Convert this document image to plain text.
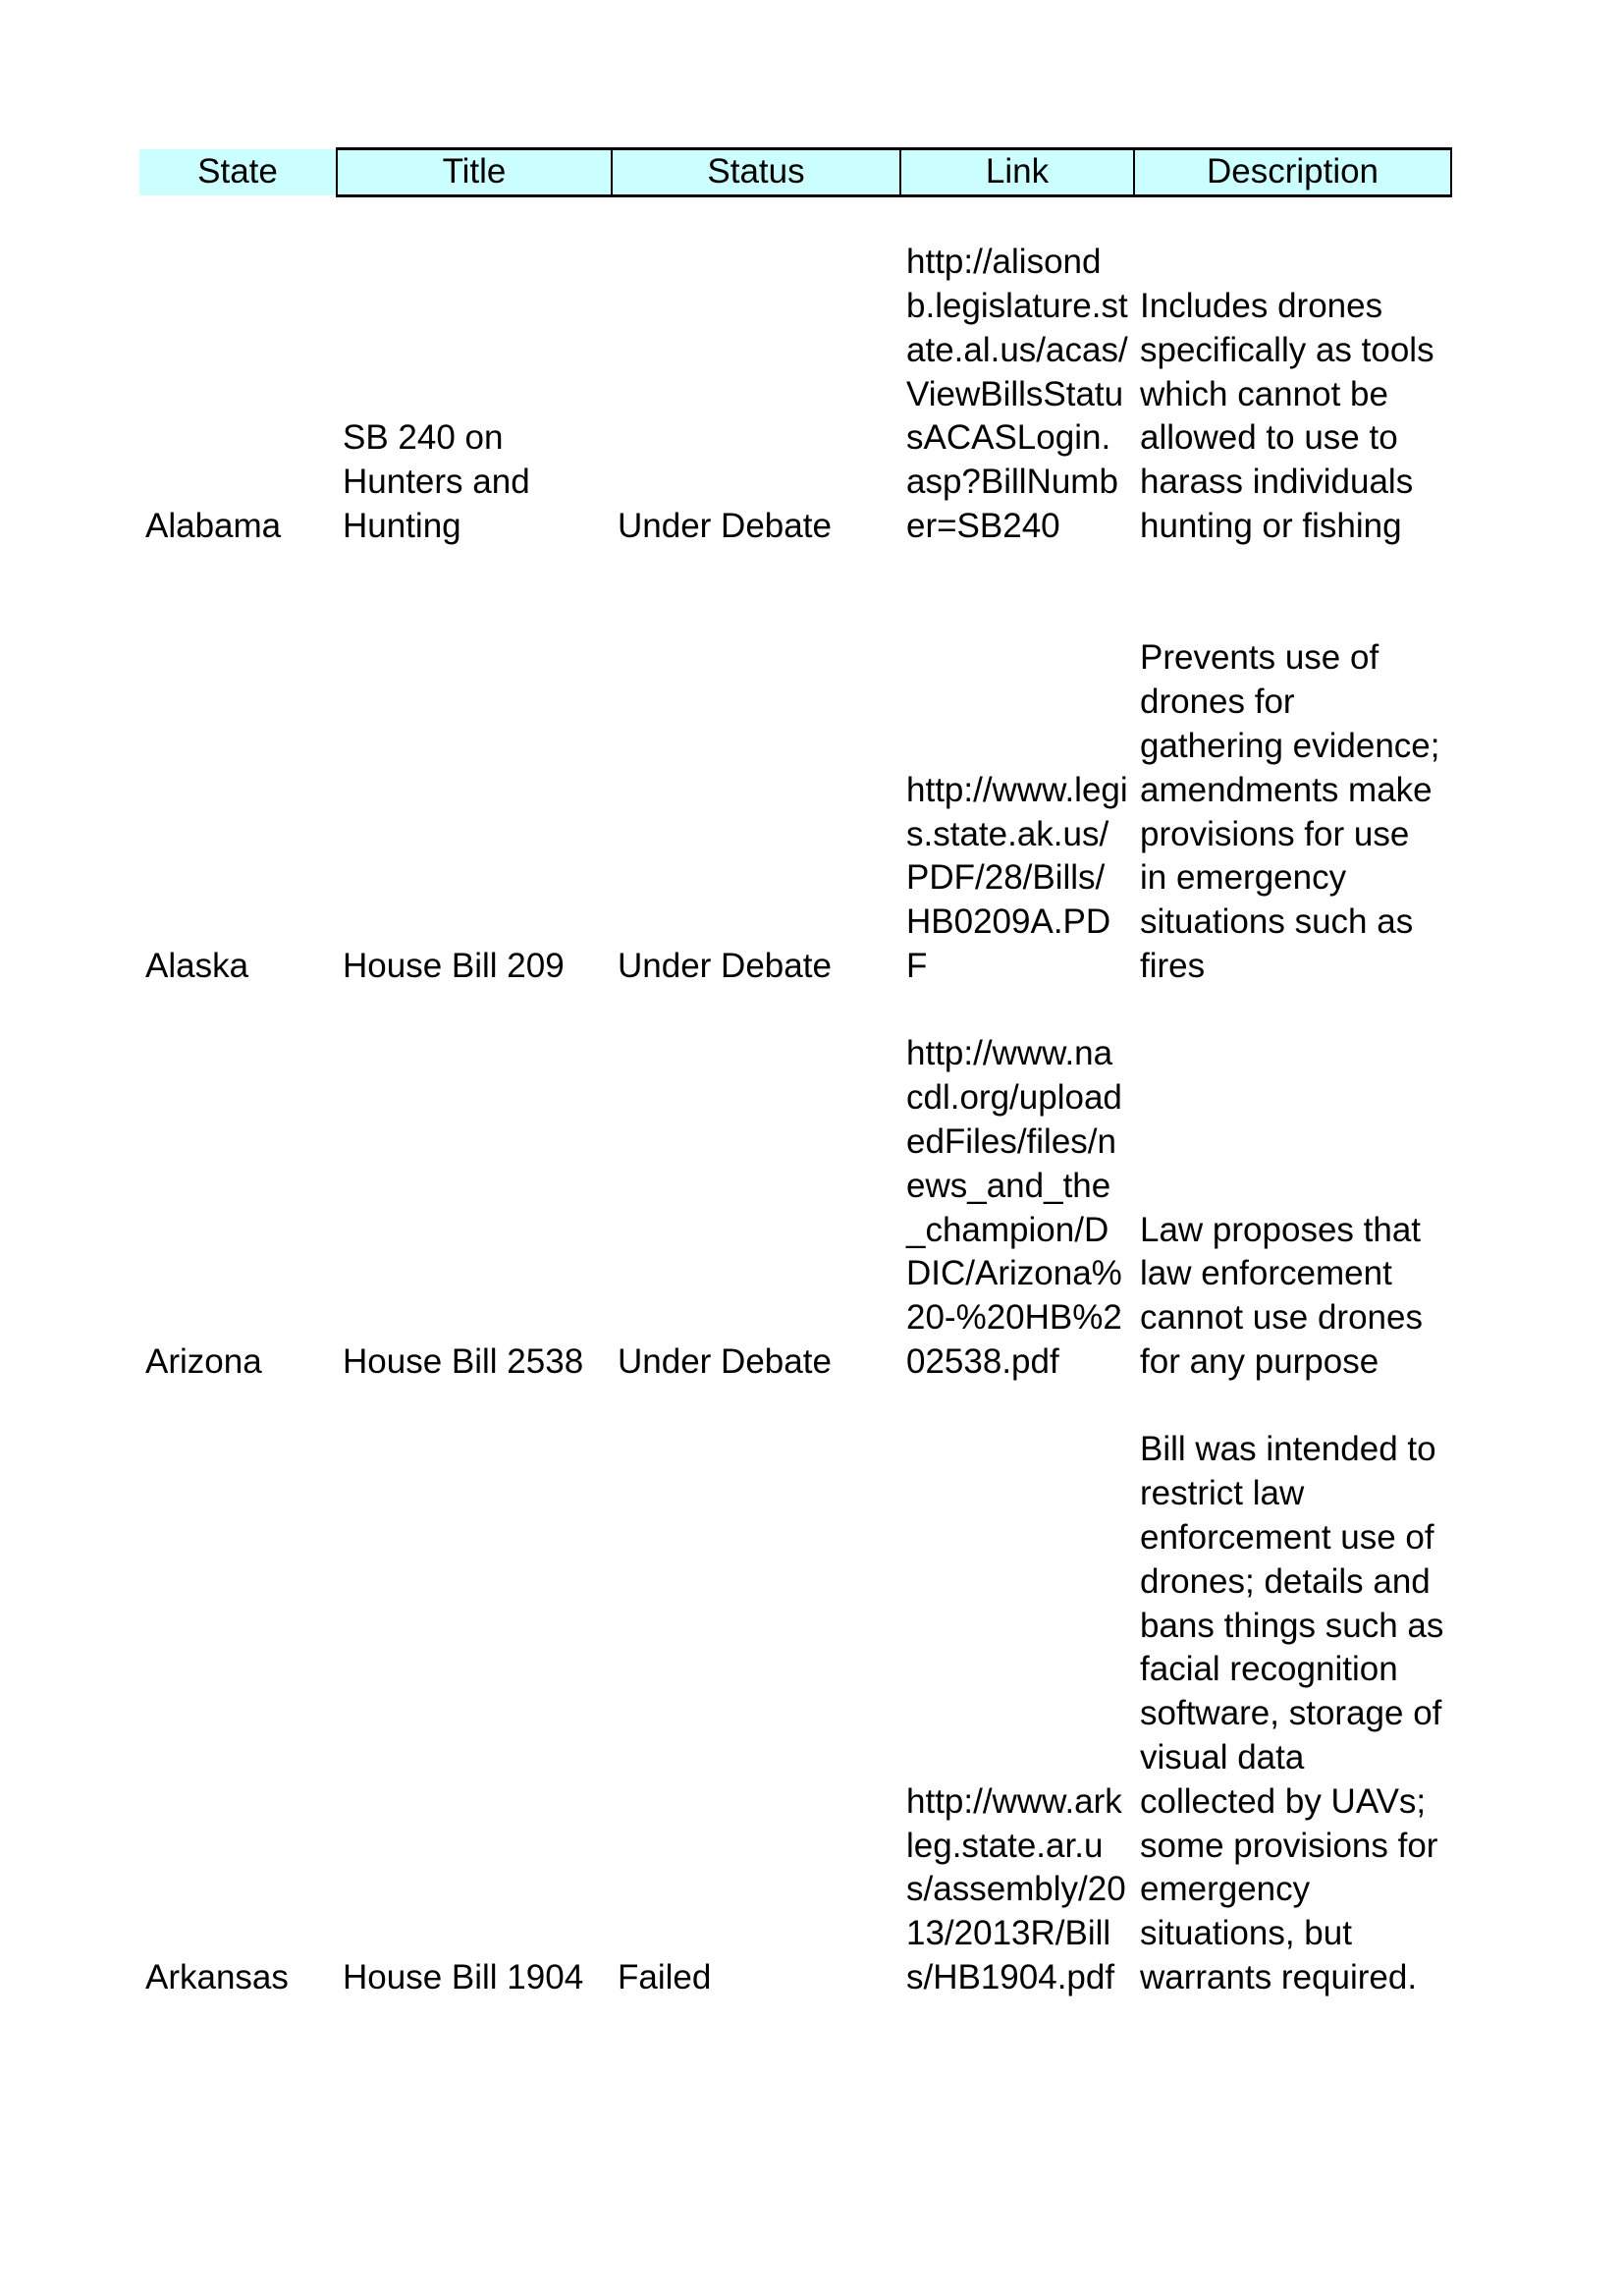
State	Title	Status	Link	Description
Alabama	SB 240 on Hunters and Hunting	Under Debate	http://alisondb.legislature.state.al.us/acas/ViewBillsStatusACASLogin.asp?BillNumber=SB240	Includes drones specifically as tools which cannot be allowed to use to harass individuals hunting or fishing
Alaska	House Bill 209	Under Debate	http://www.legis.state.ak.us/PDF/28/Bills/HB0209A.PDF	Prevents use of drones for gathering evidence; amendments make provisions for use in emergency situations such as fires
Arizona	House Bill 2538	Under Debate	http://www.nacdl.org/uploadedFiles/files/news_and_the_champion/DDIC/Arizona%20-%20HB%202538.pdf	Law proposes that law enforcement cannot use drones for any purpose
Arkansas	House Bill 1904	Failed	http://www.arkleg.state.ar.us/assembly/2013/2013R/Bills/HB1904.pdf	Bill was intended to restrict law enforcement use of drones; details and bans things such as facial recognition software, storage of visual data collected by UAVs; some provisions for emergency situations, but warrants required.
